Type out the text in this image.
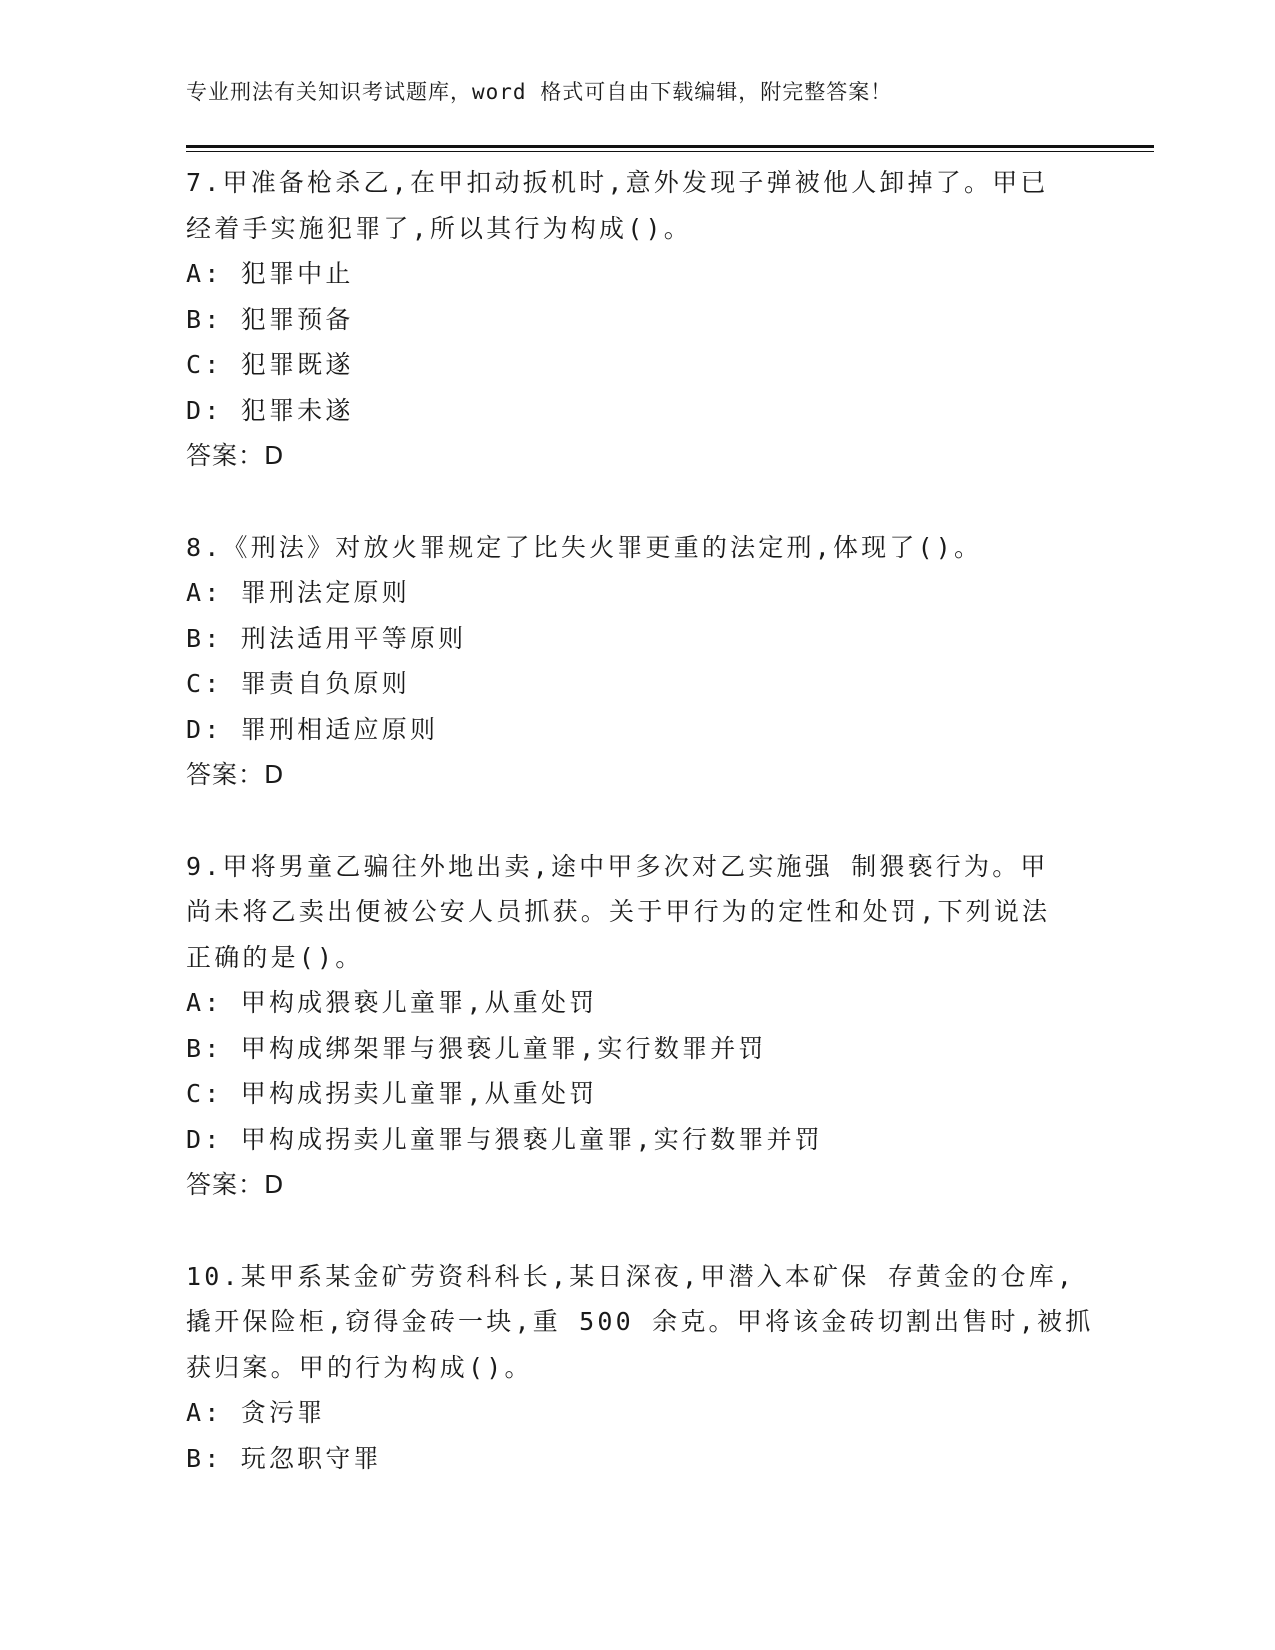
专业刑法有关知识考试题库，word 格式可自由下载编辑，附完整答案！
7.甲准备枪杀乙,在甲扣动扳机时,意外发现子弹被他人卸掉了。甲已
经着手实施犯罪了,所以其行为构成()。
A: 犯罪中止
B: 犯罪预备
C: 犯罪既遂
D: 犯罪未遂
答案：D
8.《刑法》对放火罪规定了比失火罪更重的法定刑,体现了()。
A: 罪刑法定原则
B: 刑法适用平等原则
C: 罪责自负原则
D: 罪刑相适应原则
答案：D
9.甲将男童乙骗往外地出卖,途中甲多次对乙实施强 制猥亵行为。甲
尚未将乙卖出便被公安人员抓获。关于甲行为的定性和处罚,下列说法
正确的是()。
A: 甲构成猥亵儿童罪,从重处罚
B: 甲构成绑架罪与猥亵儿童罪,实行数罪并罚
C: 甲构成拐卖儿童罪,从重处罚
D: 甲构成拐卖儿童罪与猥亵儿童罪,实行数罪并罚
答案：D
10.某甲系某金矿劳资科科长,某日深夜,甲潜入本矿保 存黄金的仓库,
撬开保险柜,窃得金砖一块,重 500 余克。甲将该金砖切割出售时,被抓
获归案。甲的行为构成()。
A: 贪污罪
B: 玩忽职守罪
